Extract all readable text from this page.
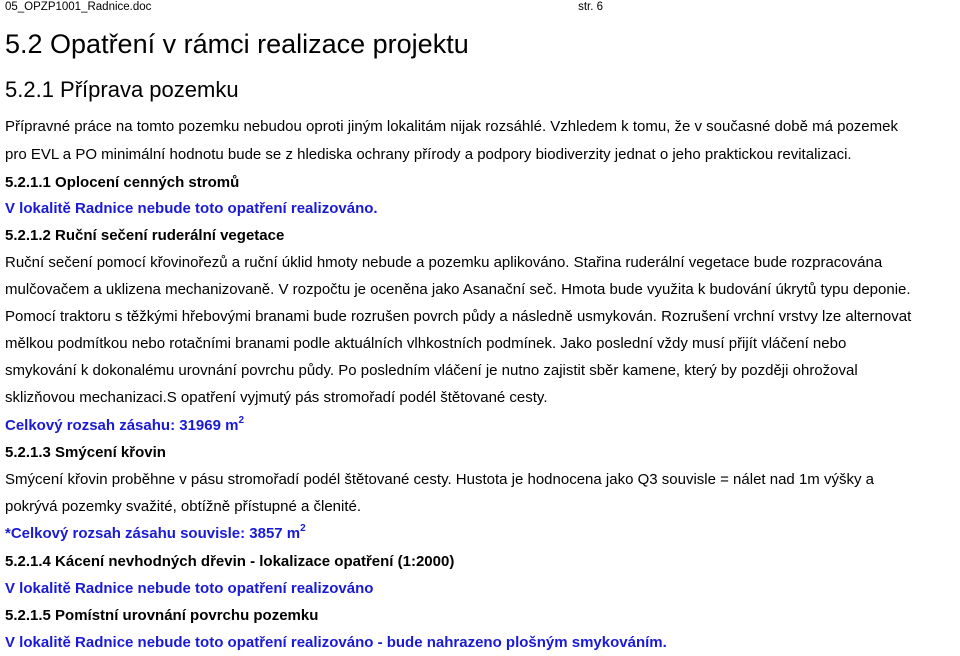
05_OPZP1001_Radnice.doc	str. 6
5.2 Opatření v rámci realizace projektu
5.2.1 Příprava pozemku
Přípravné práce na tomto pozemku nebudou oproti jiným lokalitám nijak rozsáhlé. Vzhledem k tomu, že v současné době má pozemek
pro EVL a PO minimální hodnotu bude se z hlediska ochrany přírody a podpory biodiverzity jednat o jeho praktickou revitalizaci.
5.2.1.1 Oplocení cenných stromů
V lokalitě Radnice nebude toto opatření realizováno.
5.2.1.2 Ruční sečení ruderální vegetace
Ruční sečení pomocí křovinořezů a ruční úklid hmoty nebude a pozemku aplikováno. Stařina ruderální vegetace bude rozpracována
mulčovačem a uklizena mechanizovaně. V rozpočtu je oceněna jako Asanační seč. Hmota bude využita k budování úkrytů typu deponie.
Pomocí traktoru s těžkými hřebovými branami bude rozrušen povrch půdy a následně usmykován. Rozrušení vrchní vrstvy lze alternovat
mělkou podmítkou nebo rotačními branami podle aktuálních vlhkostních podmínek. Jako poslední vždy musí přijít vláčení nebo
smykování k dokonalému urovnání povrchu půdy. Po posledním vláčení je nutno zajistit sběr kamene, který by později ohrožoval
sklizňovou mechanizaci.S opatření vyjmutý pás stromořadí podél štětované cesty.
Celkový rozsah zásahu: 31969 $m^2$
5.2.1.3 Smýcení křovin
Smýcení křovin proběhne v pásu stromořadí podél štětované cesty. Hustota je hodnocena jako Q3 souvisle = nálet nad 1m výšky a
pokrývá pozemky svažité, obtížně přístupné a členité.
*Celkový rozsah zásahu souvisle: 3857 $m^2$
5.2.1.4 Kácení nevhodných dřevin - lokalizace opatření (1:2000)
V lokalitě Radnice nebude toto opatření realizováno
5.2.1.5 Pomístní urovnání povrchu pozemku
V lokalitě Radnice nebude toto opatření realizováno - bude nahrazeno plošným smykováním.
